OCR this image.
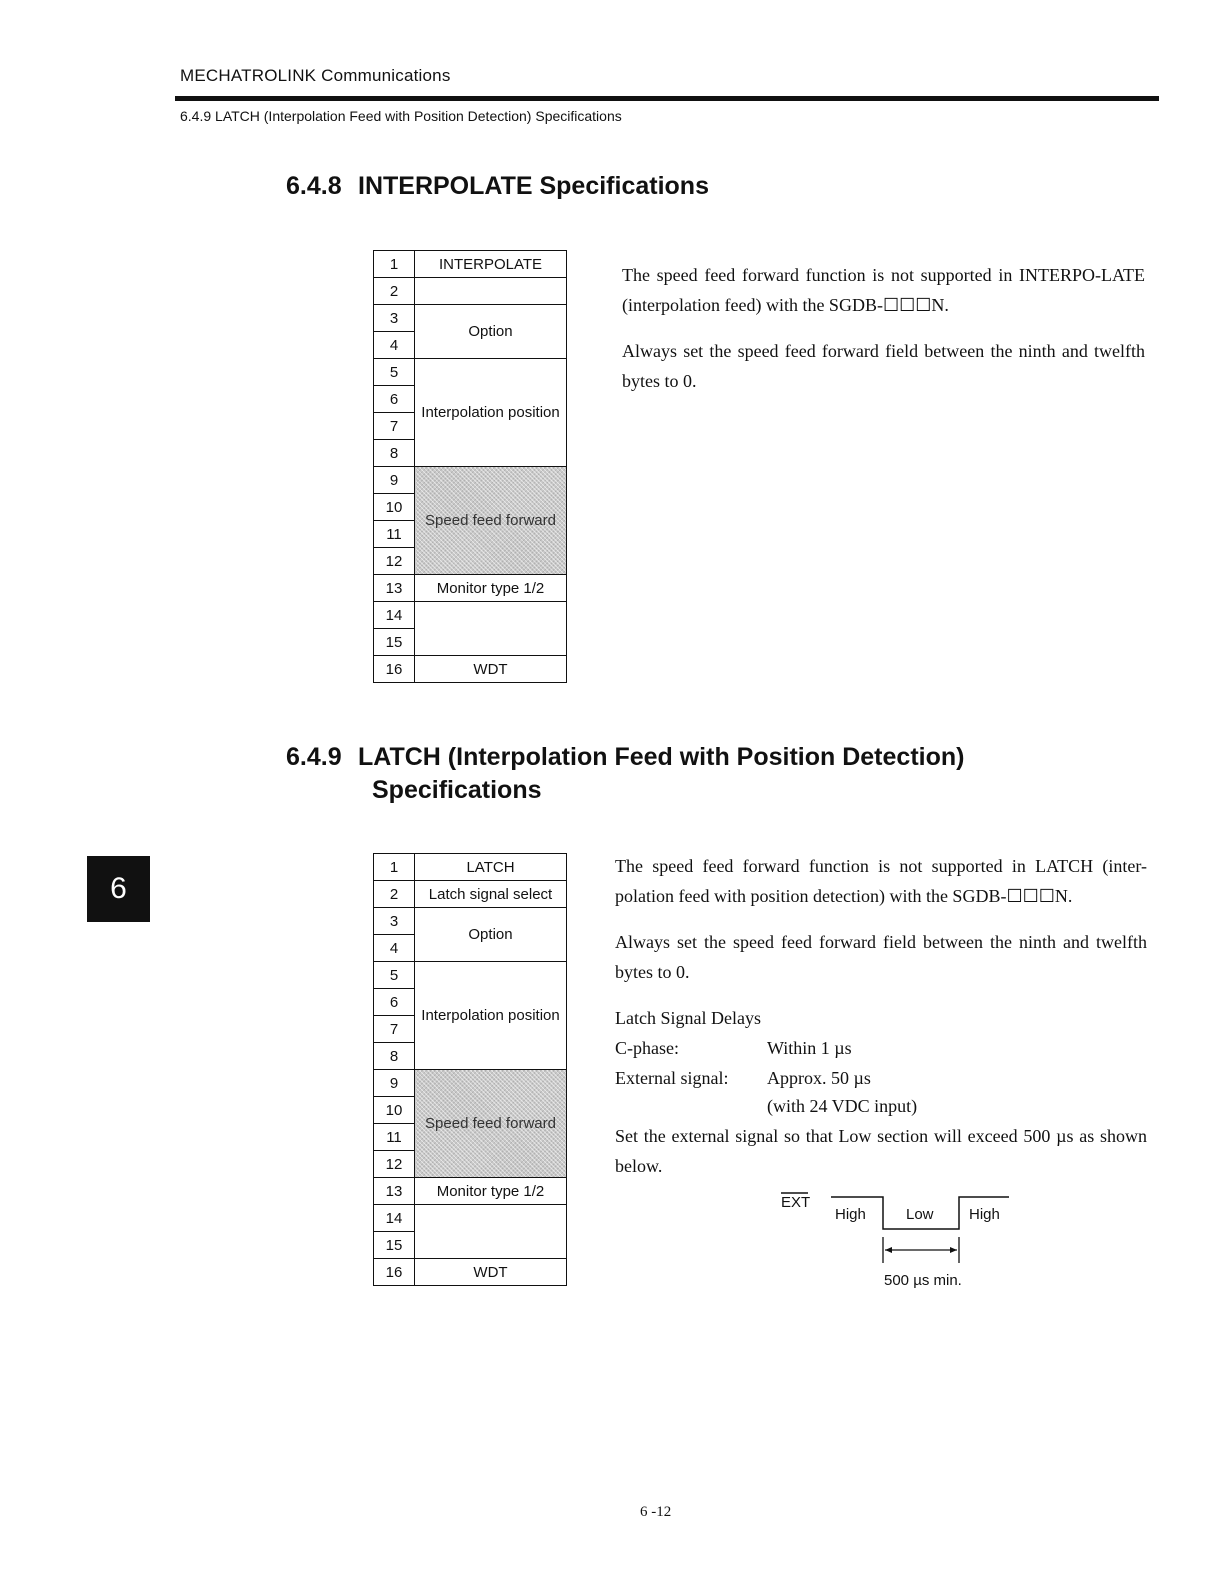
MECHATROLINK Communications
6.4.9 LATCH (Interpolation Feed with Position Detection) Specifications
6.4.8 INTERPOLATE Specifications
1	INTERPOLATE
2	
3	Option
4	
5	Interpolation position
6	
7	
8	
9	Speed feed forward
10	
11	
12	
13	Monitor type 1/2
14	
15	
16	WDT
The speed feed forward function is not supported in INTERPO-LATE (interpolation feed) with the SGDB-☐☐☐N.
Always set the speed feed forward field between the ninth and twelfth bytes to 0.
6.4.9 LATCH (Interpolation Feed with Position Detection)
Specifications
6
1	LATCH
2	Latch signal select
3	Option
4	
5	Interpolation position
6	
7	
8	
9	Speed feed forward
10	
11	
12	
13	Monitor type 1/2
14	
15	
16	WDT
The speed feed forward function is not supported in LATCH (inter-polation feed with position detection) with the SGDB-☐☐☐N.
Always set the speed feed forward field between the ninth and twelfth bytes to 0.
Latch Signal Delays
C-phase:	Within 1 µs
External signal: Approx. 50 µs
(with 24 VDC input)
Set the external signal so that Low section will exceed 500 µs as shown below.
EXT
High	Low High
500 µs min.
6 -12
